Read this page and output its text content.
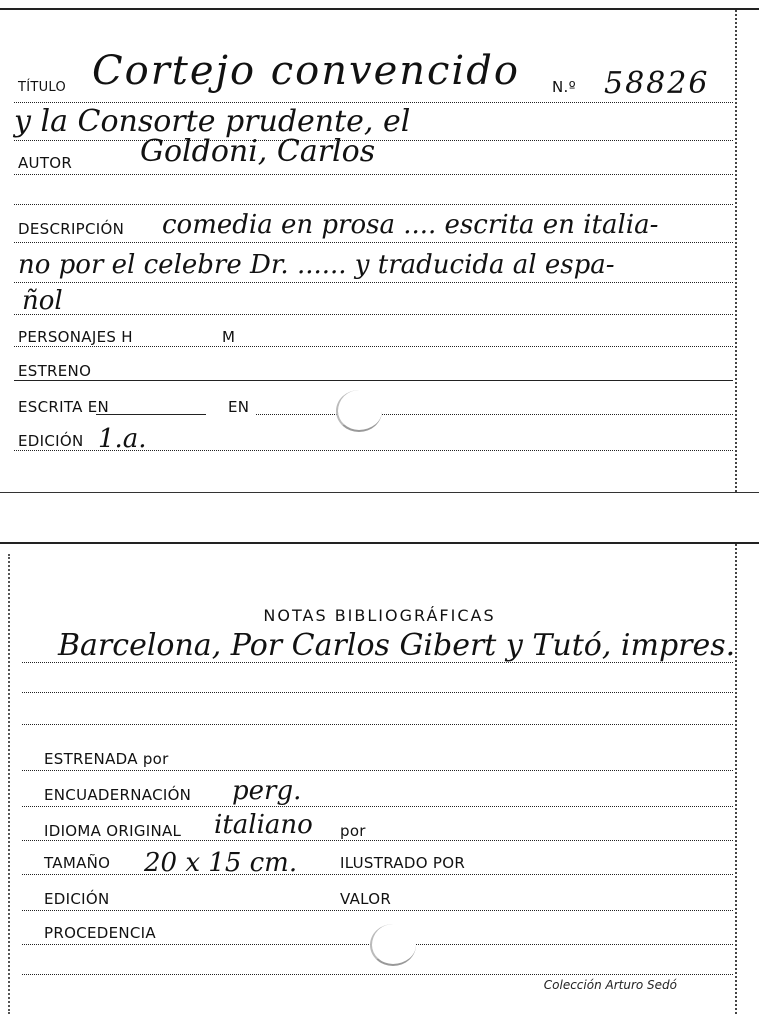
TÍTULO Cortejo convencido N.º 58826
y la Consorte prudente, el
AUTOR Goldoni, Carlos
DESCRIPCIÓN comedia en prosa .... escrita en italia-
no por el celebre Dr. ...... y traducida al espa-
ñol
PERSONAJES H	M
ESTRENO
ESCRITA EN	EN
EDICIÓN 1.a.
NOTAS BIBLIOGRÁFICAS
Barcelona, Por Carlos Gibert y Tutó, impres.
ESTRENADA por
ENCUADERNACIÓN perg.
IDIOMA ORIGINAL italiano por
TAMAÑO 20 x 15 cm.	ILUSTRADO POR
EDICIÓN	VALOR
PROCEDENCIA
Colección Arturo Sedó
